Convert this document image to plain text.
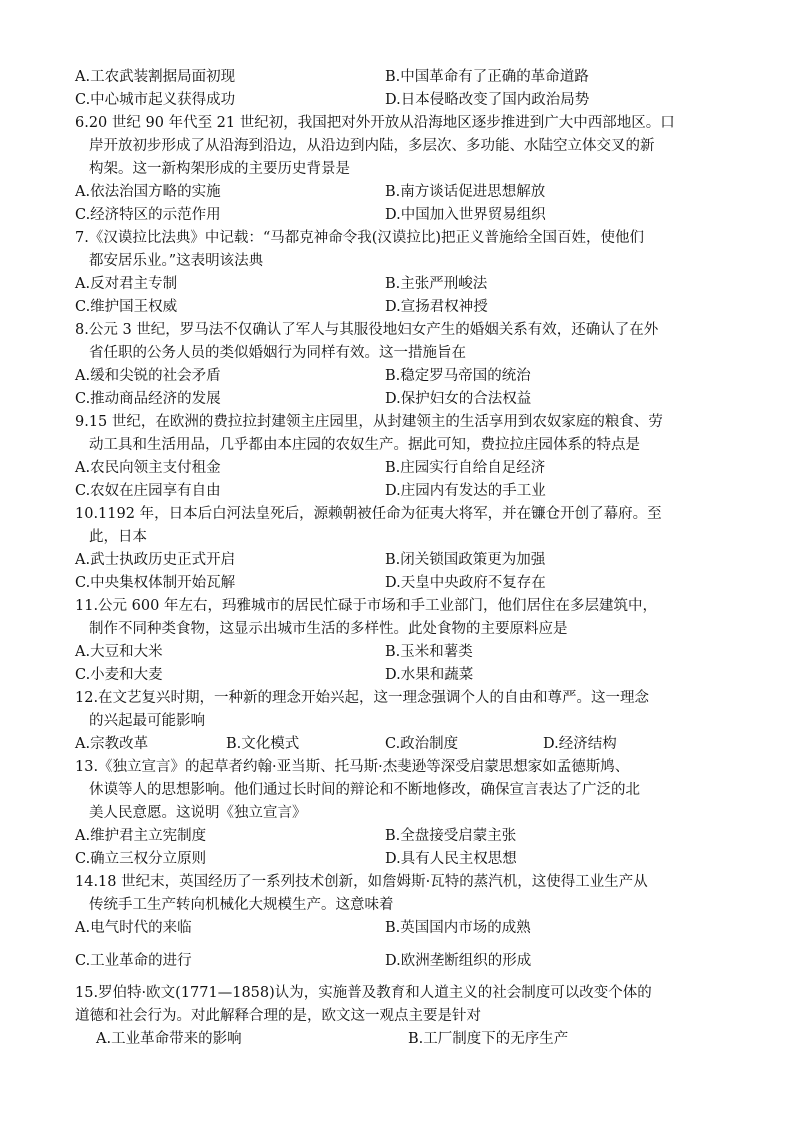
A.工农武装割据局面初现	B.中国革命有了正确的革命道路
C.中心城市起义获得成功	D.日本侵略改变了国内政治局势
6.20 世纪 90 年代至 21 世纪初，我国把对外开放从沿海地区逐步推进到广大中西部地区。口
岸开放初步形成了从沿海到沿边，从沿边到内陆，多层次、多功能、水陆空立体交叉的新
构架。这一新构架形成的主要历史背景是
A.依法治国方略的实施	B.南方谈话促进思想解放
C.经济特区的示范作用	D.中国加入世界贸易组织
7.《汉谟拉比法典》中记载：“马都克神命令我(汉谟拉比)把正义普施给全国百姓，使他们
都安居乐业。”这表明该法典
A.反对君主专制	B.主张严刑峻法
C.维护国王权威	D.宣扬君权神授
8.公元 3 世纪，罗马法不仅确认了军人与其服役地妇女产生的婚姻关系有效，还确认了在外
省任职的公务人员的类似婚姻行为同样有效。这一措施旨在
A.缓和尖锐的社会矛盾	B.稳定罗马帝国的统治
C.推动商品经济的发展	D.保护妇女的合法权益
9.15 世纪，在欧洲的费拉拉封建领主庄园里，从封建领主的生活享用到农奴家庭的粮食、劳
动工具和生活用品，几乎都由本庄园的农奴生产。据此可知，费拉拉庄园体系的特点是
A.农民向领主支付租金	B.庄园实行自给自足经济
C.农奴在庄园享有自由	D.庄园内有发达的手工业
10.1192 年，日本后白河法皇死后，源赖朝被任命为征夷大将军，并在镰仓开创了幕府。至
此，日本
A.武士执政历史正式开启	B.闭关锁国政策更为加强
C.中央集权体制开始瓦解	D.天皇中央政府不复存在
11.公元 600 年左右，玛雅城市的居民忙碌于市场和手工业部门，他们居住在多层建筑中，
制作不同种类食物，这显示出城市生活的多样性。此处食物的主要原料应是
A.大豆和大米	B.玉米和薯类
C.小麦和大麦	D.水果和蔬菜
12.在文艺复兴时期，一种新的理念开始兴起，这一理念强调个人的自由和尊严。这一理念
的兴起最可能影响
A.宗教改革	B.文化模式	C.政治制度	D.经济结构
13.《独立宣言》的起草者约翰·亚当斯、托马斯·杰斐逊等深受启蒙思想家如孟德斯鸠、
休谟等人的思想影响。他们通过长时间的辩论和不断地修改，确保宣言表达了广泛的北
美人民意愿。这说明《独立宣言》
A.维护君主立宪制度	B.全盘接受启蒙主张
C.确立三权分立原则	D.具有人民主权思想
14.18 世纪末，英国经历了一系列技术创新，如詹姆斯·瓦特的蒸汽机，这使得工业生产从
传统手工生产转向机械化大规模生产。这意味着
A.电气时代的来临	B.英国国内市场的成熟
C.工业革命的进行	D.欧洲垄断组织的形成
15.罗伯特·欧文(1771—1858)认为，实施普及教育和人道主义的社会制度可以改变个体的
道德和社会行为。对此解释合理的是，欧文这一观点主要是针对
A.工业革命带来的影响	B.工厂制度下的无序生产
